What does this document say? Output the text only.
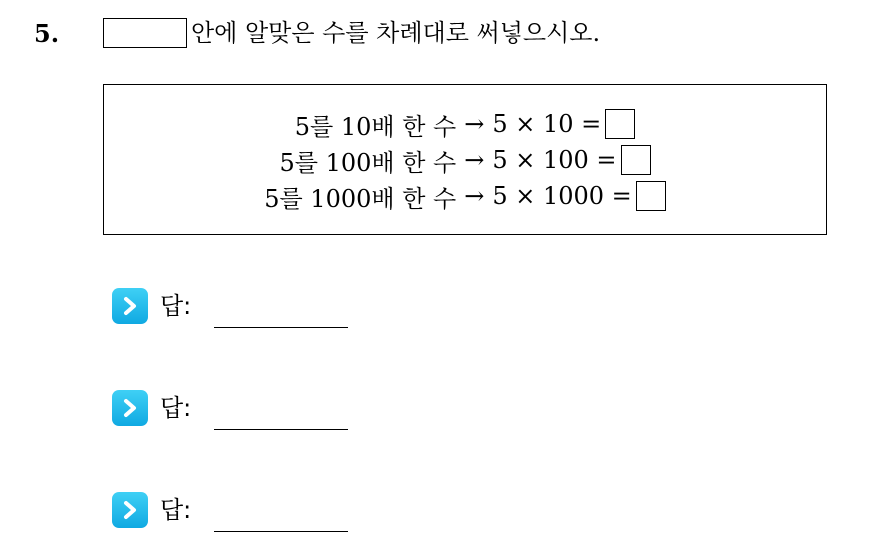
5.	안에 알맞은 수를 차례대로 써넣으시오.
5를 10배 한 수 → 5 × 10 =
5를 100배 한 수 → 5 × 100 =
5를 1000배 한 수 → 5 × 1000 =
답:
답:
답:
